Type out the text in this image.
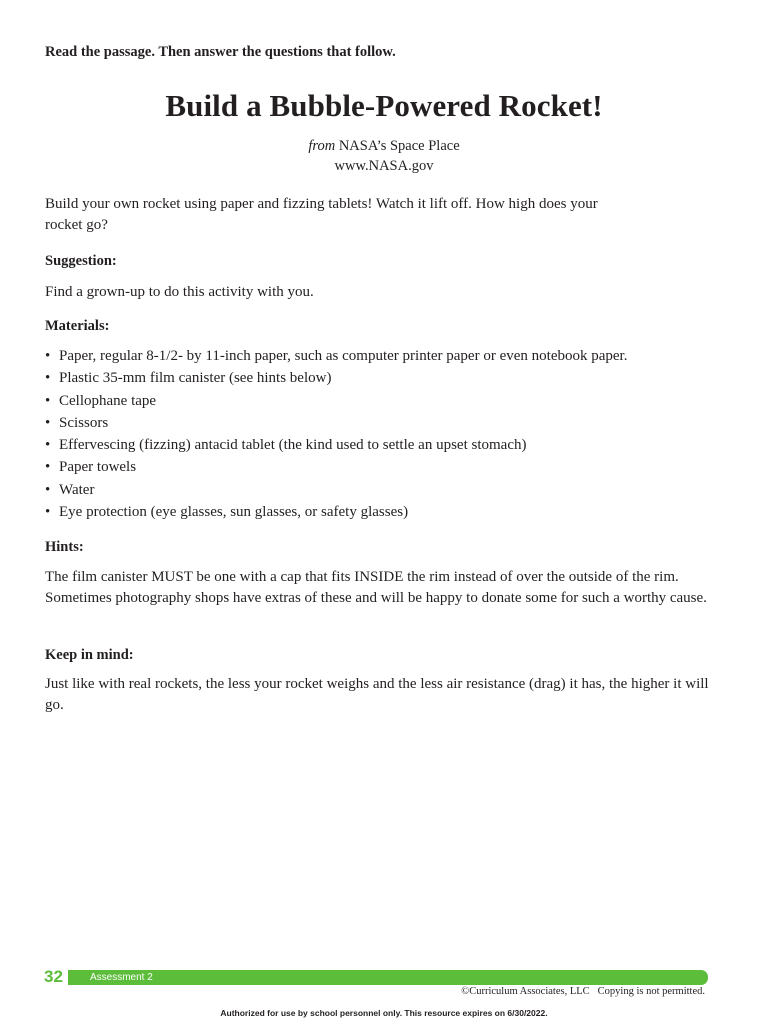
Read the passage. Then answer the questions that follow.
Build a Bubble-Powered Rocket!
from NASA’s Space Place
www.NASA.gov
Build your own rocket using paper and fizzing tablets! Watch it lift off. How high does your rocket go?
Suggestion:
Find a grown-up to do this activity with you.
Materials:
• Paper, regular 8-1/2- by 11-inch paper, such as computer printer paper or even notebook paper.
• Plastic 35-mm film canister (see hints below)
• Cellophane tape
• Scissors
• Effervescing (fizzing) antacid tablet (the kind used to settle an upset stomach)
• Paper towels
• Water
• Eye protection (eye glasses, sun glasses, or safety glasses)
Hints:
The film canister MUST be one with a cap that fits INSIDE the rim instead of over the outside of the rim. Sometimes photography shops have extras of these and will be happy to donate some for such a worthy cause.
Keep in mind:
Just like with real rockets, the less your rocket weighs and the less air resistance (drag) it has, the higher it will go.
32	Assessment 2
©Curriculum Associates, LLC Copying is not permitted.
Authorized for use by school personnel only. This resource expires on 6/30/2022.
